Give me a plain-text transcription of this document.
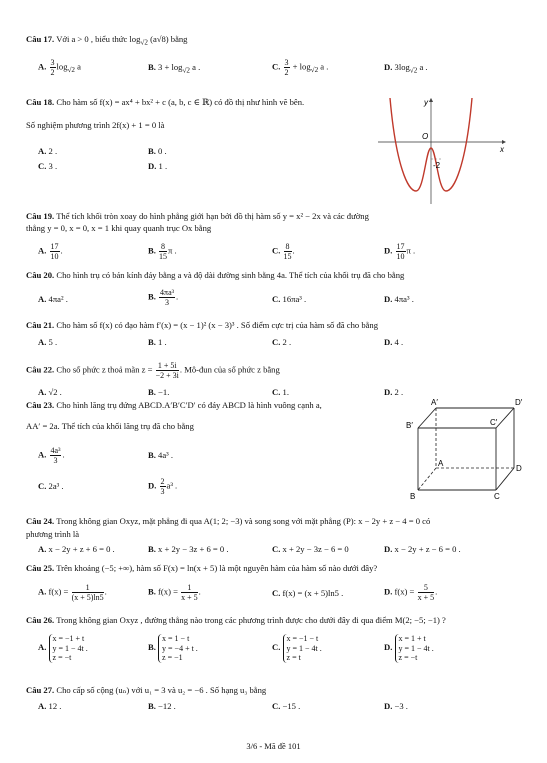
Câu 17. Với a > 0 , biểu thức $\log_{√2} (a√8)$ bằng
A. $\frac{3}{2} \log_{√2} a$	B. $3 + \log_{√2} a$ .	C. $\frac{3}{2} + \log_{√2} a$ .	D. $3\log_{√2}$ a .
Câu 18. Cho hàm số f(x) = ax⁴ + bx² + c (a, b, c ∈ ℝ) có đồ thị như hình vẽ bên.
Số nghiệm phương trình 2f(x) + 1 = 0 là
A. 2 .	B. 0 .
C. 3 .	D. 1 .
y
x
O
-2
Câu 19. Thể tích khối tròn xoay do hình phẳng giới hạn bởi đồ thị hàm số y = x² − 2x và các đường
thẳng y = 0, x = 0, x = 1 khi quay quanh trục Ox bằng
A. $\frac{17}{10}$ .	B. $\frac{8}{15}$ π .	C. $\frac{8}{15}$ .	D. $\frac{17}{10}$ π .
Câu 20. Cho hình trụ có bán kính đáy bằng a và độ dài đường sinh bằng 4a. Thể tích của khối trụ đã cho bằng
A. 4πa² .	B. $\frac{\text{4πa³}}{3}$ .	C. 16πa³ .	D. 4πa³ .
Câu 21. Cho hàm số f(x) có đạo hàm f′(x) = (x − 1)² (x − 3)³ . Số điểm cực trị của hàm số đã cho bằng
A. 5 .	B. 1 .	C. 2 .	D. 4 .
Câu 22. Cho số phức z thoả mãn $z = \frac{1 + 5i}{-2 + 3i}$ . Mô-đun của số phức z bằng
A. √2 .	B. −1.	C. 1.	D. 2 .
Câu 23. Cho hình lăng trụ đứng ABCD.A′B′C′D′ có đáy ABCD là hình vuông cạnh a,
AA′ = 2a. Thể tích của khối lăng trụ đã cho bằng
A. $\frac{\text{4a³}}{3}$ .	B. 4a³ .
C. 2a³ .	D. $\frac{2}{3} a^3$ .
A′	D′
B′	C′
A
D
B	C
Câu 24. Trong không gian Oxyz, mặt phẳng đi qua A(1; 2; −3) và song song với mặt phẳng (P): x − 2y + z − 4 = 0 có
phương trình là
A. x − 2y + z + 6 = 0 .	B. x + 2y − 3z + 6 = 0 .	C. x + 2y − 3z − 6 = 0	D. x − 2y + z − 6 = 0 .
Câu 25. Trên khoảng (−5; +∞), hàm số F(x) = ln(x + 5) là một nguyên hàm của hàm số nào dưới đây?
A. $f(x) = \frac{1}{(x + 5)\ln 5}$ .	B. $f(x) = \frac{1}{x + 5}$ .	C. f(x) = (x + 5)ln5 .	D. $f(x) = \frac{5}{x + 5}$ .
Câu 26. Trong không gian Oxyz , đường thẳng nào trong các phương trình được cho dưới đây đi qua điểm M(2; −5; −1) ?
A. x = −1 + t
y = 1 − 4t .
z = −t
B. x = 1 − t
y = −4 + t .
z = −1
C. x = −1 − t
y = 1 − 4t .
z = t
D. x = 1 + t
y = 1 − 4t .
z = −t
Câu 27. Cho cấp số cộng (uₙ) với u₁ = 3 và u₂ = −6 . Số hạng u₃ bằng
A. 12 .	B. −12 .	C. −15 .	D. −3 .
3/6 - Mã đề 101
